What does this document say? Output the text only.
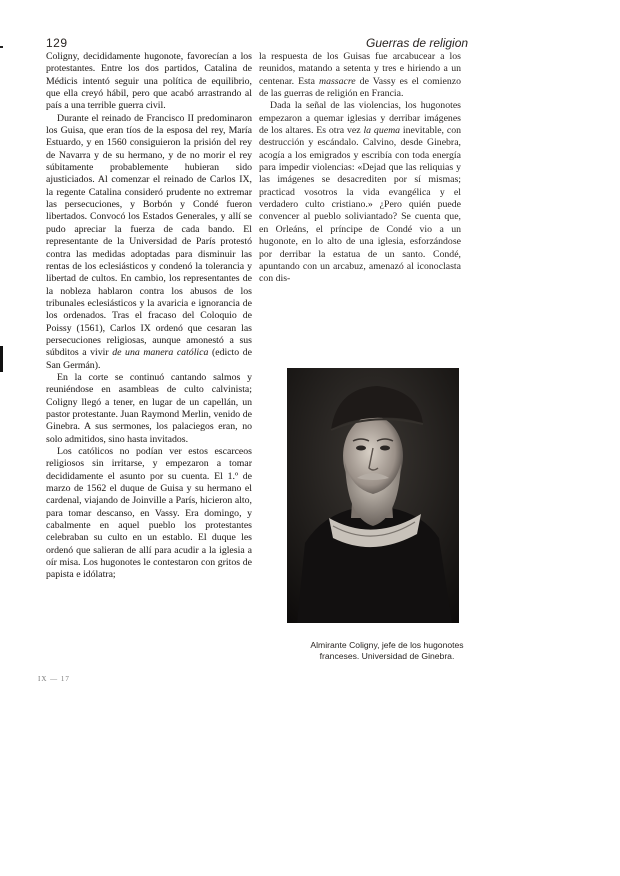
129	Guerras de religion

Coligny, decididamente hugonote, favorecían a los protestantes. Entre los dos partidos, Catalina de Médicis intentó seguir una política de equilibrio, que ella creyó hábil, pero que acabó arrastrando al país a una terrible guerra civil.

Durante el reinado de Francisco II predominaron los Guisa, que eran tíos de la esposa del rey, María Estuardo, y en 1560 consiguieron la prisión del rey de Navarra y de su hermano, y de no morir el rey súbitamente probablemente hubieran sido ajusticiados. Al comenzar el reinado de Carlos IX, la regente Catalina consideró prudente no extremar las persecuciones, y Borbón y Condé fueron libertados. Convocó los Estados Generales, y allí se pudo apreciar la fuerza de cada bando. El representante de la Universidad de París protestó contra las medidas adoptadas para disminuir las rentas de los eclesiásticos y condenó la tolerancia y libertad de cultos. En cambio, los representantes de la nobleza hablaron contra los abusos de los tribunales eclesiásticos y la avaricia e ignorancia de los ordenados. Tras el fracaso del Coloquio de Poissy (1561), Carlos IX ordenó que cesaran las persecuciones religiosas, aunque amonestó a sus súbditos a vivir de una manera católica (edicto de San Germán).

En la corte se continuó cantando salmos y reuniéndose en asambleas de culto calvinista; Coligny llegó a tener, en lugar de un capellán, un pastor protestante. Juan Raymond Merlin, venido de Ginebra. A sus sermones, los palaciegos eran, no solo admitidos, sino hasta invitados.

Los católicos no podían ver estos escarceos religiosos sin irritarse, y empezaron a tomar decididamente el asunto por su cuenta. El 1.º de marzo de 1562 el duque de Guisa y su hermano el cardenal, viajando de Joinville a París, hicieron alto, para tomar descanso, en Vassy. Era domingo, y cabalmente en aquel pueblo los protestantes celebraban su culto en un establo. El duque les ordenó que salieran de allí para acudir a la iglesia a oír misa. Los hugonotes le contestaron con gritos de papista e idólatra;

la respuesta de los Guisas fue arcabucear a los reunidos, matando a setenta y tres e hiriendo a un centenar. Esta massacre de Vassy es el comienzo de las guerras de religión en Francia.

Dada la señal de las violencias, los hugonotes empezaron a quemar iglesias y derribar imágenes de los altares. Es otra vez la quema inevitable, con destrucción y escándalo. Calvino, desde Ginebra, acogía a los emigrados y escribía con toda energía para impedir violencias: «Dejad que las reliquias y las imágenes se desacrediten por sí mismas; practicad vosotros la vida evangélica y el verdadero culto cristiano.» ¿Pero quién puede convencer al pueblo soliviantado? Se cuenta que, en Orleáns, el príncipe de Condé vio a un hugonote, en lo alto de una iglesia, esforzándose por derribar la estatua de un santo. Condé, apuntando con un arcabuz, amenazó al iconoclasta con dis-

Almirante Coligny, jefe de los hugonotes
franceses. Universidad de Ginebra.
IX — 17
